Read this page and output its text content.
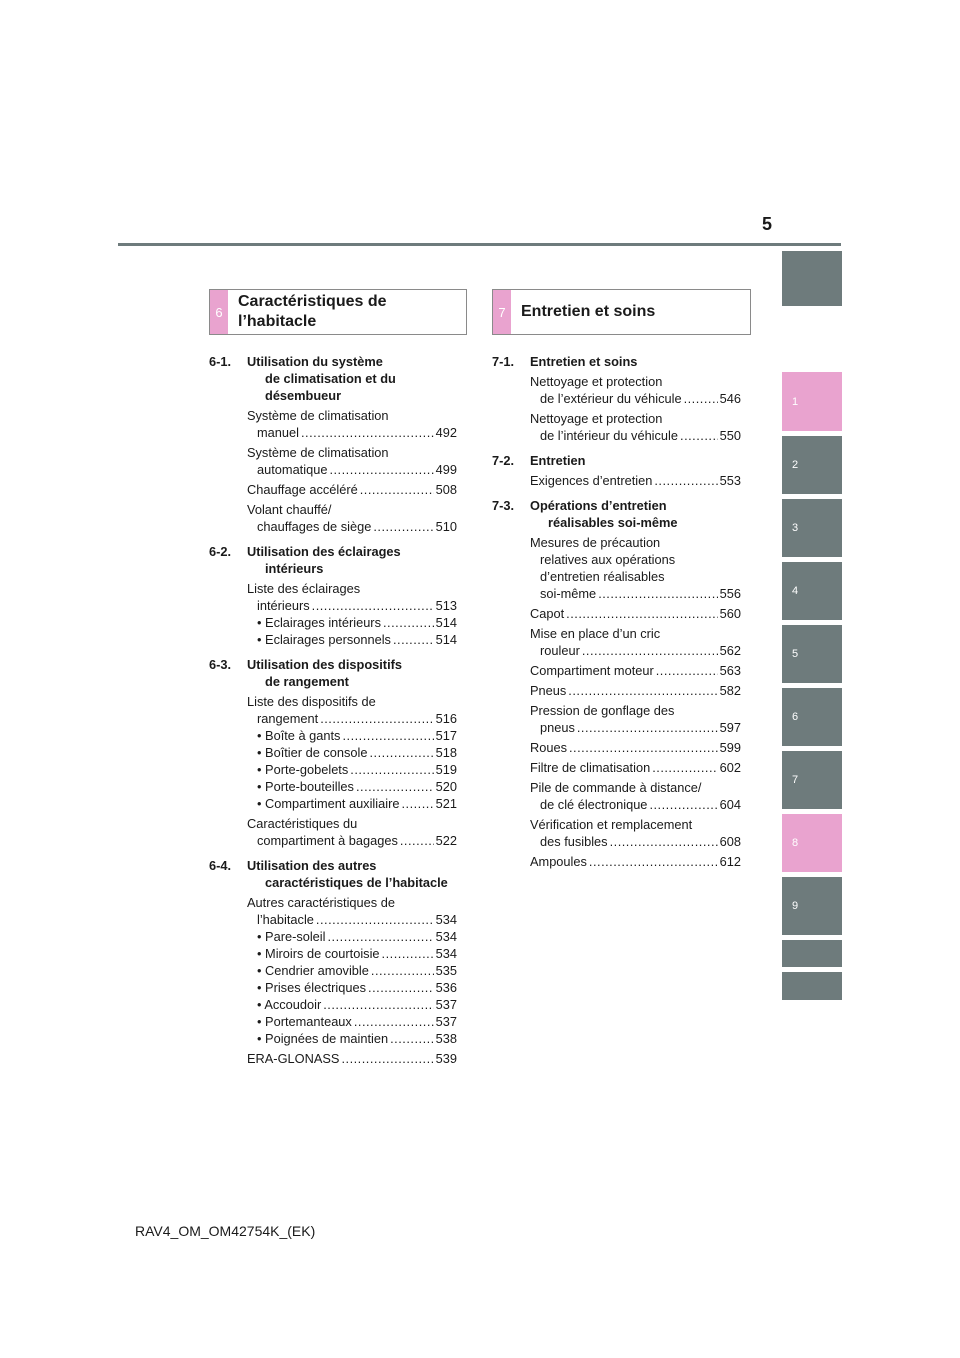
5
1
2
3
4
5
6
7
8
9
6
Caractéristiques de
l’habitacle
7 Entretien et soins
6-1.	Utilisation du système
de climatisation et du
désembueur
Système de climatisation
manuel .....	492
Système de climatisation
automatique .....	499
Chauffage accéléré .....	508
Volant chauffé/
chauffages de siège .....	510
6-2.	Utilisation des éclairages
intérieurs
Liste des éclairages
intérieurs .....	513
• Eclairages intérieurs .....	514
• Eclairages personnels .....	514
6-3.	Utilisation des dispositifs
de rangement
Liste des dispositifs de
rangement .....	516
• Boîte à gants .....	517
• Boîtier de console .....	518
• Porte-gobelets .....	519
• Porte-bouteilles .....	520
• Compartiment auxiliaire .....	521
Caractéristiques du
compartiment à bagages .....	522
6-4.	Utilisation des autres
caractéristiques de l’habitacle
Autres caractéristiques de
l’habitacle .....	534
• Pare-soleil .....	534
• Miroirs de courtoisie .....	534
• Cendrier amovible .....	535
• Prises électriques .....	536
• Accoudoir .....	537
• Portemanteaux .....	537
• Poignées de maintien .....	538
ERA-GLONASS .....	539
7-1.	Entretien et soins
Nettoyage et protection
de l’extérieur du véhicule .....	546
Nettoyage et protection
de l’intérieur du véhicule .....	550
7-2.	Entretien
Exigences d’entretien .....	553
7-3.	Opérations d’entretien
réalisables soi-même
Mesures de précaution
relatives aux opérations
d’entretien réalisables
soi-même .....	556
Capot .....	560
Mise en place d’un cric
rouleur .....	562
Compartiment moteur .....	563
Pneus .....	582
Pression de gonflage des
pneus .....	597
Roues .....	599
Filtre de climatisation .....	602
Pile de commande à distance/
de clé électronique .....	604
Vérification et remplacement
des fusibles .....	608
Ampoules .....	612
RAV4_OM_OM42754K_(EK)
